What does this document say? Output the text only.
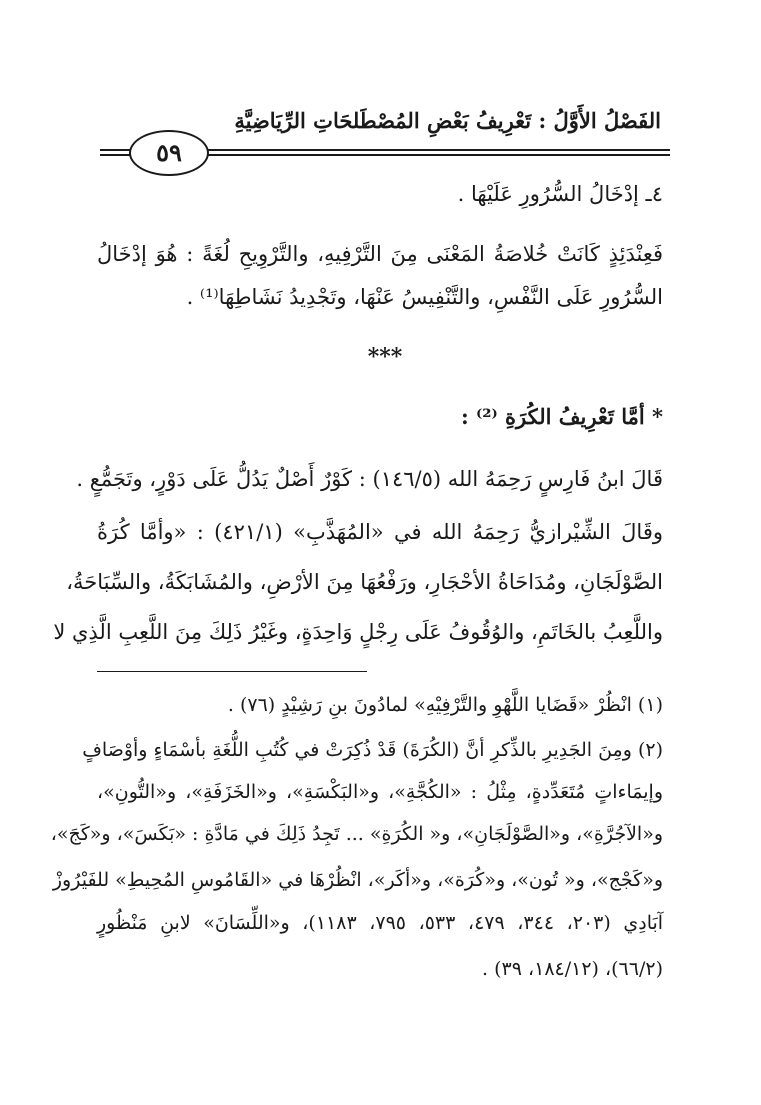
الفَصْلُ الأَوَّلُ : تَعْرِيفُ بَعْضِ المُصْطَلحَاتِ الرِّيَاضِيَّةِ
٥٩
٤ـ إدْخَالُ السُّرُورِ عَلَيْهَا .
فَعِنْدَئِذٍ كَانَتْ خُلاصَةُ المَعْنَى مِنَ التَّرْفِيهِ، والتَّرْوِيحِ لُغَةً : هُوَ إدْخَالُ
السُّرُورِ عَلَى النَّفْسِ، والتَّنْفِيسُ عَنْهَا، وتَجْدِيدُ نَشَاطِهَا⁽¹⁾ .
***
* أمَّا تَعْرِيفُ الكُرَةِ ⁽²⁾ :
قَالَ ابنُ فَارِسٍ رَحِمَهُ الله (١٤٦/٥) : كَوْرٌ أَصْلٌ يَدُلُّ عَلَى دَوْرٍ، وتَجَمُّعٍ .
وقَالَ الشِّيْرازيُّ رَحِمَهُ الله في «المُهَذَّبِ» (٤٢١/١) : «وأمَّا كُرَةُ
الصَّوْلَجَانِ، ومُدَاحَاةُ الأحْجَارِ، ورَفْعُهَا مِنَ الأرْضِ، والمُشَابَكَةُ، والسِّبَاحَةُ،
واللَّعِبُ بالخَاتَمِ، والوُقُوفُ عَلَى رِجْلٍ وَاحِدَةٍ، وغَيْرُ ذَلِكَ مِنَ اللَّعِبِ الَّذِي لا
(١) انْظُرْ «قَضَايا اللَّهْوِ والتَّرْفِيْهِ» لمادُونَ بنِ رَشِيْدٍ (٧٦) .
(٢) ومِنَ الجَدِيرِ بالذِّكرِ أنَّ (الكُرَةَ) قَدْ ذُكِرَتْ في كُتُبِ اللُّغَةِ بأسْمَاءٍ وأوْصَافٍ
وإيمَاءاتٍ مُتَعَدِّدةٍ، مِثْلُ : «الكُجَّةِ»، و«البَكْسَةِ»، و«الخَزَفَةِ»، و«التُّونِ»،
و«الآجُرَّةِ»، و«الصَّوْلَجَانِ»، و« الكُرَةِ» ... تَجِدُ ذَلِكَ في مَادَّةِ : «بَكَسَ»، و«كَجَ»،
و«كَجْج»، و« تُون»، و«كُرَة»، و«أكَر»، انْظُرْهَا في «القَامُوسِ المُحِيطِ» للفَيْرُوزْ
آبَادِي (٢٠٣، ٣٤٤، ٤٧٩، ٥٣٣، ٧٩٥، ١١٨٣)، و«اللِّسَانَ» لابنِ مَنْظُورٍ
(٦٦/٢)، (١٨٤/١٢، ٣٩) .
